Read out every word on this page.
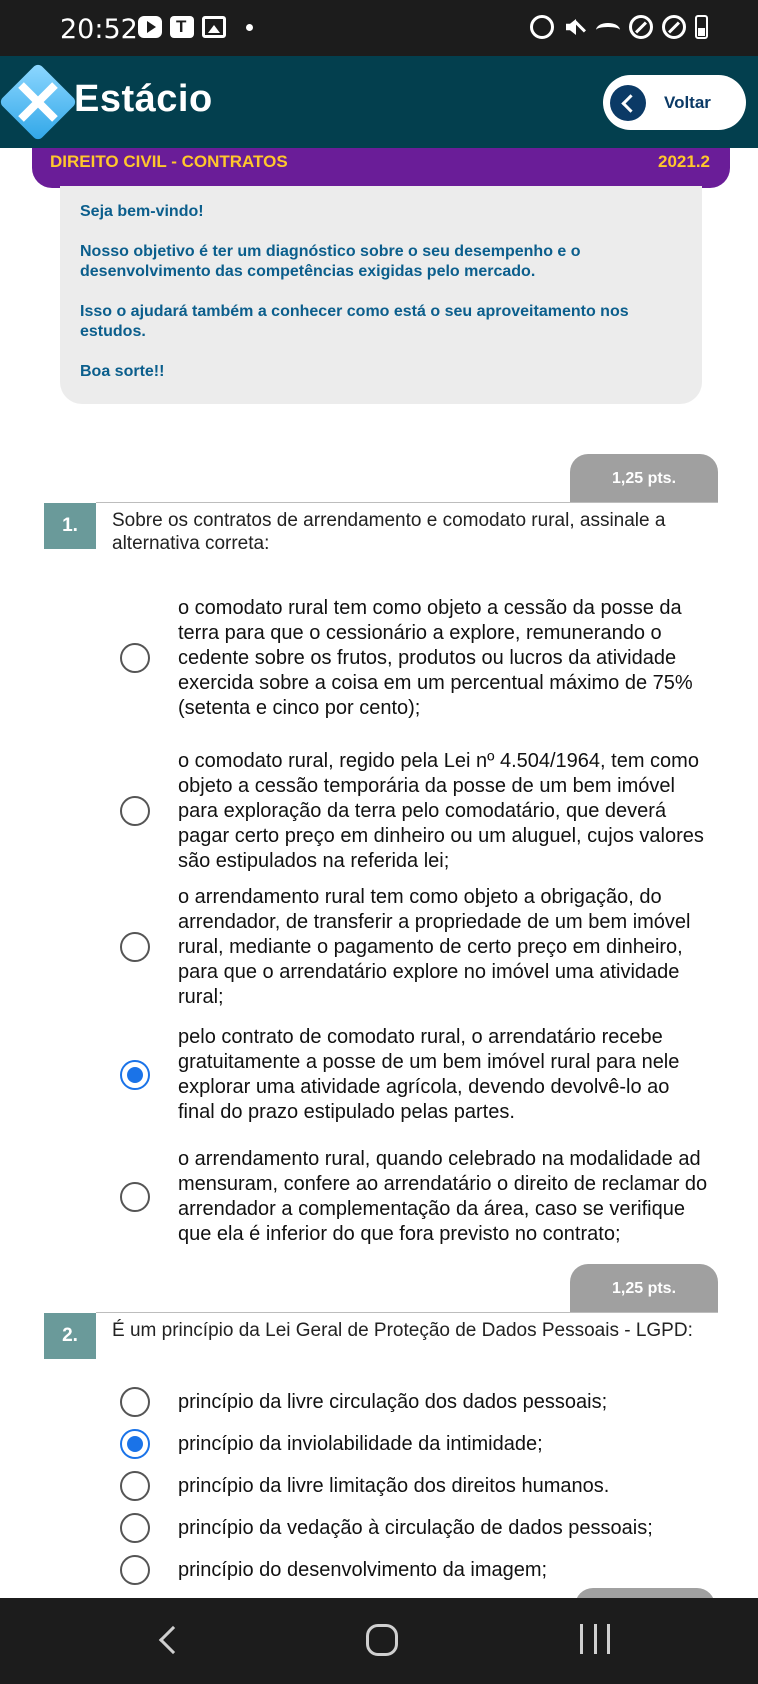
20:52
T
Estácio	Voltar
DIREITO CIVIL - CONTRATOS	2021.2

Seja bem-vindo!

Nosso objetivo é ter um diagnóstico sobre o seu desempenho e o desenvolvimento das competências exigidas pelo mercado.

Isso o ajudará também a conhecer como está o seu aproveitamento nos estudos.

Boa sorte!!

1,25 pts.
1.	Sobre os contratos de arrendamento e comodato rural, assinale a alternativa correta:
o comodato rural tem como objeto a cessão da posse da terra para que o cessionário a explore, remunerando o cedente sobre os frutos, produtos ou lucros da atividade exercida sobre a coisa em um percentual máximo de 75% (setenta e cinco por cento);
o comodato rural, regido pela Lei nº 4.504/1964, tem como objeto a cessão temporária da posse de um bem imóvel para exploração da terra pelo comodatário, que deverá pagar certo preço em dinheiro ou um aluguel, cujos valores são estipulados na referida lei;
o arrendamento rural tem como objeto a obrigação, do arrendador, de transferir a propriedade de um bem imóvel rural, mediante o pagamento de certo preço em dinheiro, para que o arrendatário explore no imóvel uma atividade rural;
pelo contrato de comodato rural, o arrendatário recebe gratuitamente a posse de um bem imóvel rural para nele explorar uma atividade agrícola, devendo devolvê-lo ao final do prazo estipulado pelas partes.
o arrendamento rural, quando celebrado na modalidade ad mensuram, confere ao arrendatário o direito de reclamar do arrendador a complementação da área, caso se verifique que ela é inferior do que fora previsto no contrato;
1,25 pts.
2.	É um princípio da Lei Geral de Proteção de Dados Pessoais - LGPD:
princípio da livre circulação dos dados pessoais;
princípio da inviolabilidade da intimidade;
princípio da livre limitação dos direitos humanos.
princípio da vedação à circulação de dados pessoais;
princípio do desenvolvimento da imagem;
